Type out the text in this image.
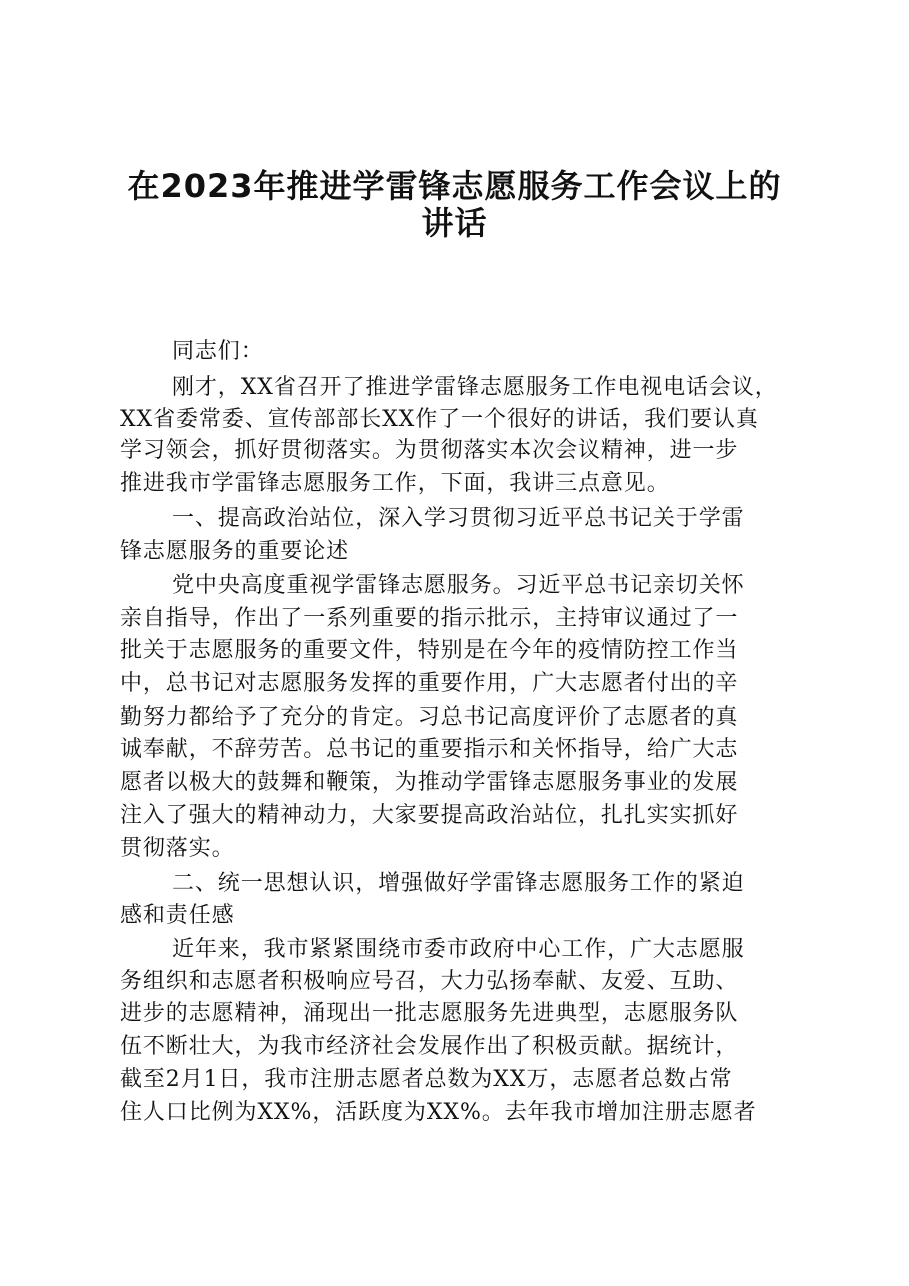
在2023年推进学雷锋志愿服务工作会议上的
讲话
同志们：
刚才，XX省召开了推进学雷锋志愿服务工作电视电话会议，
XX省委常委、宣传部部长XX作了一个很好的讲话，我们要认真
学习领会，抓好贯彻落实。为贯彻落实本次会议精神，进一步
推进我市学雷锋志愿服务工作，下面，我讲三点意见。
一、提高政治站位，深入学习贯彻习近平总书记关于学雷
锋志愿服务的重要论述
党中央高度重视学雷锋志愿服务。习近平总书记亲切关怀
亲自指导，作出了一系列重要的指示批示，主持审议通过了一
批关于志愿服务的重要文件，特别是在今年的疫情防控工作当
中，总书记对志愿服务发挥的重要作用，广大志愿者付出的辛
勤努力都给予了充分的肯定。习总书记高度评价了志愿者的真
诚奉献，不辞劳苦。总书记的重要指示和关怀指导，给广大志
愿者以极大的鼓舞和鞭策，为推动学雷锋志愿服务事业的发展
注入了强大的精神动力，大家要提高政治站位，扎扎实实抓好
贯彻落实。
二、统一思想认识，增强做好学雷锋志愿服务工作的紧迫
感和责任感
近年来，我市紧紧围绕市委市政府中心工作，广大志愿服
务组织和志愿者积极响应号召，大力弘扬奉献、友爱、互助、
进步的志愿精神，涌现出一批志愿服务先进典型，志愿服务队
伍不断壮大，为我市经济社会发展作出了积极贡献。据统计，
截至2月1日，我市注册志愿者总数为XX万，志愿者总数占常
住人口比例为XX%，活跃度为XX%。去年我市增加注册志愿者
